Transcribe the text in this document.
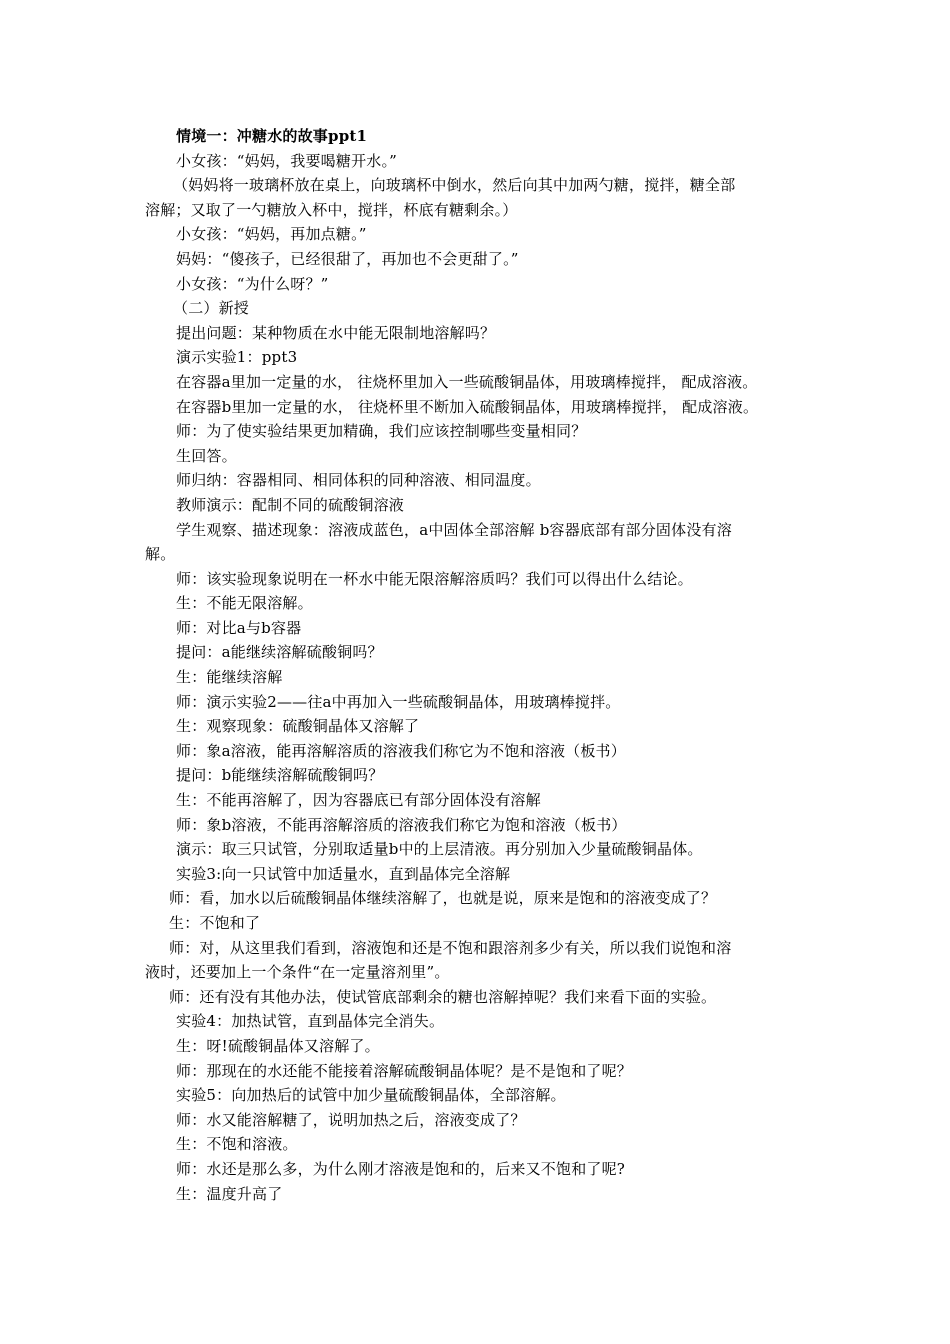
情境一：冲糖水的故事ppt1
小女孩：“妈妈，我要喝糖开水。”
（妈妈将一玻璃杯放在桌上，向玻璃杯中倒水，然后向其中加两勺糖，搅拌，糖全部
溶解；又取了一勺糖放入杯中，搅拌，杯底有糖剩余。）
小女孩：“妈妈，再加点糖。”
妈妈：“傻孩子，已经很甜了，再加也不会更甜了。”
小女孩：“为什么呀？”
（二）新授
提出问题：某种物质在水中能无限制地溶解吗？
演示实验1：ppt3
在容器a里加一定量的水， 往烧杯里加入一些硫酸铜晶体，用玻璃棒搅拌， 配成溶液。
在容器b里加一定量的水， 往烧杯里不断加入硫酸铜晶体，用玻璃棒搅拌， 配成溶液。
师：为了使实验结果更加精确，我们应该控制哪些变量相同？
生回答。
师归纳：容器相同、相同体积的同种溶液、相同温度。
教师演示：配制不同的硫酸铜溶液
学生观察、描述现象：溶液成蓝色，a中固体全部溶解 b容器底部有部分固体没有溶
解。
师：该实验现象说明在一杯水中能无限溶解溶质吗？我们可以得出什么结论。
生：不能无限溶解。
师：对比a与b容器
提问：a能继续溶解硫酸铜吗？
生：能继续溶解
师：演示实验2——往a中再加入一些硫酸铜晶体，用玻璃棒搅拌。
生：观察现象：硫酸铜晶体又溶解了
师：象a溶液，能再溶解溶质的溶液我们称它为不饱和溶液（板书）
提问：b能继续溶解硫酸铜吗？
生：不能再溶解了，因为容器底已有部分固体没有溶解
师：象b溶液，不能再溶解溶质的溶液我们称它为饱和溶液（板书）
演示：取三只试管，分别取适量b中的上层清液。再分别加入少量硫酸铜晶体。
实验3:向一只试管中加适量水，直到晶体完全溶解
师：看，加水以后硫酸铜晶体继续溶解了，也就是说，原来是饱和的溶液变成了？
生：不饱和了
师：对，从这里我们看到，溶液饱和还是不饱和跟溶剂多少有关，所以我们说饱和溶
液时，还要加上一个条件“在一定量溶剂里”。
师：还有没有其他办法，使试管底部剩余的糖也溶解掉呢？我们来看下面的实验。
实验4：加热试管，直到晶体完全消失。
生：呀!硫酸铜晶体又溶解了。
师：那现在的水还能不能接着溶解硫酸铜晶体呢？是不是饱和了呢？
实验5：向加热后的试管中加少量硫酸铜晶体，全部溶解。
师：水又能溶解糖了，说明加热之后，溶液变成了？
生：不饱和溶液。
师：水还是那么多，为什么刚才溶液是饱和的，后来又不饱和了呢?
生：温度升高了
